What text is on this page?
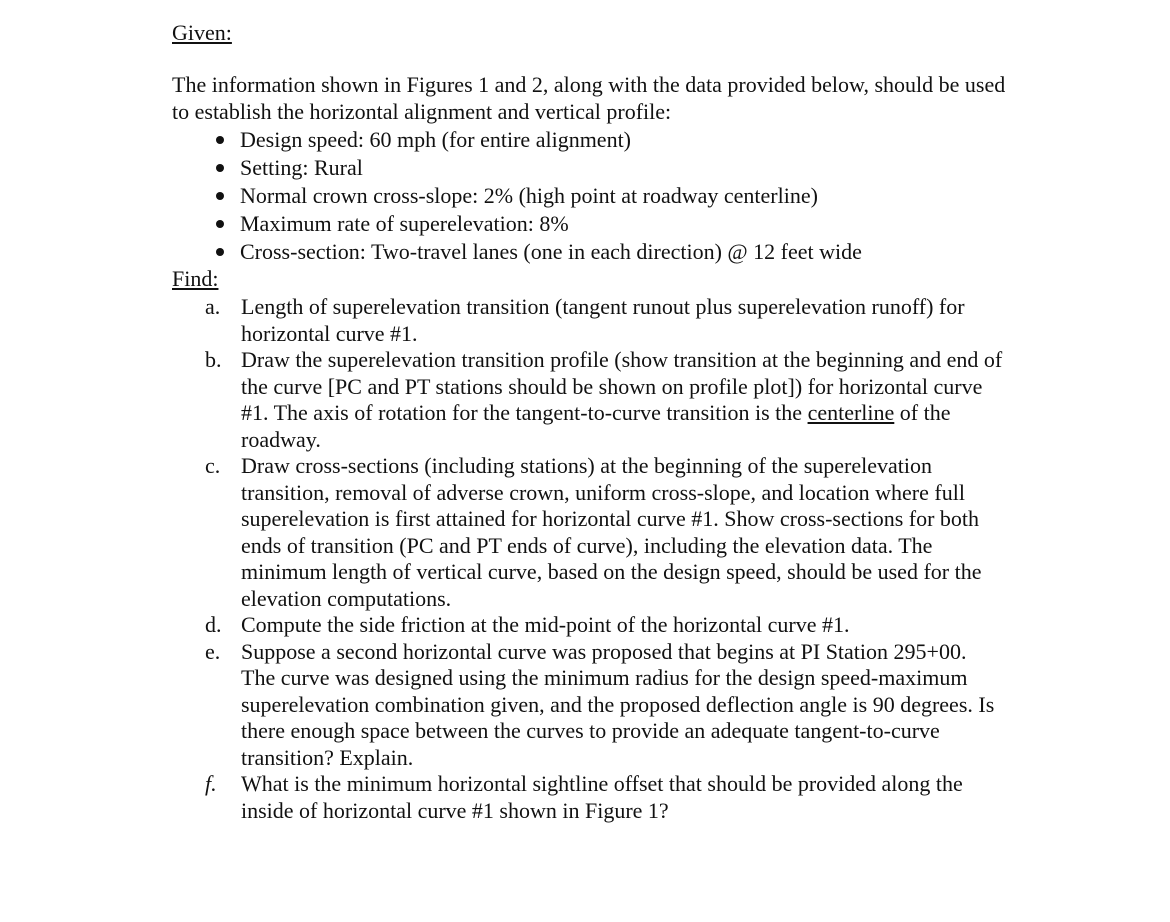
Given:
The information shown in Figures 1 and 2, along with the data provided below, should be used to establish the horizontal alignment and vertical profile:
Design speed: 60 mph (for entire alignment)
Setting: Rural
Normal crown cross-slope: 2% (high point at roadway centerline)
Maximum rate of superelevation: 8%
Cross-section: Two-travel lanes (one in each direction) @ 12 feet wide
Find:
a. Length of superelevation transition (tangent runout plus superelevation runoff) for horizontal curve #1.
b. Draw the superelevation transition profile (show transition at the beginning and end of the curve [PC and PT stations should be shown on profile plot]) for horizontal curve #1. The axis of rotation for the tangent-to-curve transition is the centerline of the roadway.
c. Draw cross-sections (including stations) at the beginning of the superelevation transition, removal of adverse crown, uniform cross-slope, and location where full superelevation is first attained for horizontal curve #1. Show cross-sections for both ends of transition (PC and PT ends of curve), including the elevation data. The minimum length of vertical curve, based on the design speed, should be used for the elevation computations.
d. Compute the side friction at the mid-point of the horizontal curve #1.
e. Suppose a second horizontal curve was proposed that begins at PI Station 295+00. The curve was designed using the minimum radius for the design speed-maximum superelevation combination given, and the proposed deflection angle is 90 degrees. Is there enough space between the curves to provide an adequate tangent-to-curve transition? Explain.
f. What is the minimum horizontal sightline offset that should be provided along the inside of horizontal curve #1 shown in Figure 1?
